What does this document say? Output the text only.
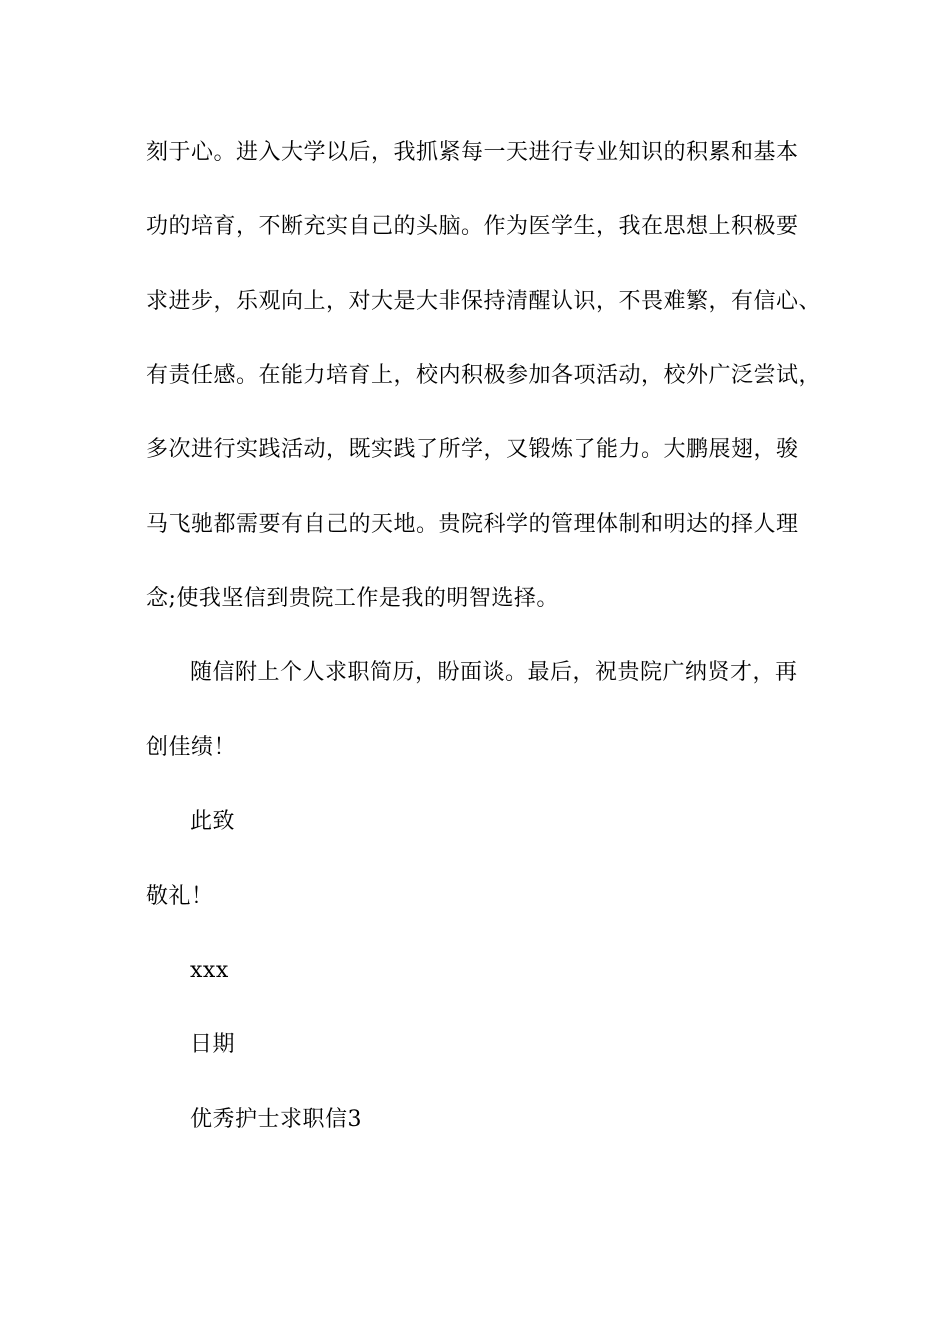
刻于心。进入大学以后，我抓紧每一天进行专业知识的积累和基本
功的培育，不断充实自己的头脑。作为医学生，我在思想上积极要
求进步，乐观向上，对大是大非保持清醒认识，不畏难繁，有信心、
有责任感。在能力培育上，校内积极参加各项活动，校外广泛尝试，
多次进行实践活动，既实践了所学，又锻炼了能力。大鹏展翅，骏
马飞驰都需要有自己的天地。贵院科学的管理体制和明达的择人理
念;使我坚信到贵院工作是我的明智选择。
随信附上个人求职简历，盼面谈。最后，祝贵院广纳贤才，再
创佳绩！
此致
敬礼！
xxx
日期
优秀护士求职信3
